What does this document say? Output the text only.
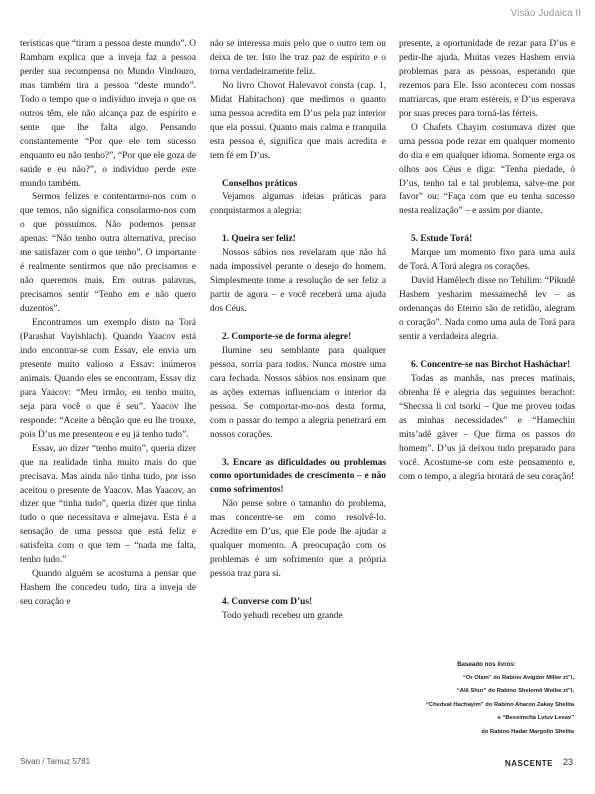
Visão Judaica II

terísticas que “tiram a pessoa deste mundo”. O Rambam explica que a inveja faz a pessoa perder sua recompensa no Mundo Vindouro, mas também tira a pessoa “deste mundo”. Todo o tempo que o indivíduo inveja o que os outros têm, ele não alcança paz de espírito e sente que lhe falta algo. Pensando constantemente “Por que ele tem sucesso enquanto eu não tenho?”, “Por que ele goza de saúde e eu não?”, o indivíduo perde este mundo também.

Sermos felizes e contentarmo-nos com o que temos, não significa consolarmo-nos com o que possuímos. Não podemos pensar apenas: “Não tenho outra alternativa, preciso me satisfazer com o que tenho”. O importante é realmente sentirmos que não precisamos e não queremos mais. Em outras palavras, precisamos sentir “Tenho em e não quero duzentos”.

Encontramos um exemplo disto na Torá (Parashat Vayishlach). Quando Yaacov está indo encontrar-se com Essav, ele envia um presente muito valioso a Essav: inúmeros animais. Quando eles se encontram, Essav diz para Yaacov: “Meu irmão, eu tenho muito, seja para você o que é seu”. Yaacov lhe responde: “Aceite a bênção que eu lhe trouxe, pois D’us me presenteou e eu já tenho tudo”.

Essav, ao dizer “tenho muito”, queria dizer que na realidade tinha muito mais do que precisava. Mas ainda não tinha tudo, por isso aceitou o presente de Yaacov. Mas Yaacov, ao dizer que “tinha tudo”, queria dizer que tinha tudo o que necessitava e almejava. Esta é a sensação de uma pessoa que está feliz e satisfeita com o que tem – “nada me falta, tenho tudo.”

Quando alguém se acostuma a pensar que Hashem lhe concedeu tudo, tira a inveja de seu coração e

não se interessa mais pelo que o outro tem ou deixa de ter. Isto lhe traz paz de espírito e o torna verdadeiramente feliz.

No livro Chovot Halevavot consta (cap. 1, Midat Habitachon) que medimos o quanto uma pessoa acredita em D’us pela paz interior que ela possui. Quanto mais calma e tranquila esta pessoa é, significa que mais acredita e tem fé em D’us.

Conselhos práticos

Vejamos algumas ideias práticas para conquistarmos a alegria:

1. Queira ser feliz!

Nossos sábios nos revelaram que não há nada impossível perante o desejo do homem. Simplesmente tome a resolução de ser feliz a partir de agora – e você receberá uma ajuda dos Céus.

2. Comporte-se de forma alegre!

Ilumine seu semblante para qualquer pessoa, sorria para todos. Nunca mostre uma cara fechada. Nossos sábios nos ensinam que as ações externas influenciam o interior da pessoa. Se comportar-mo-nos desta forma, com o passar do tempo a alegria penetrará em nossos corações.

3. Encare as dificuldades ou problemas como oportunidades de crescimento – e não como sofrimentos!

Não pense sobre o tamanho do problema, mas concentre-se em como resolvê-lo. Acredite em D’us, que Ele pode lhe ajudar a qualquer momento. A preocupação com os problemas é um sofrimento que a própria pessoa traz para si.

4. Converse com D’us!

Todo yehudi recebeu um grande

presente, a oportunidade de rezar para D’us e pedir-lhe ajuda. Muitas vezes Hashem envia problemas para as pessoas, esperando que rezemos para Ele. Isso aconteceu com nossas matriarcas, que eram estéreis, e D’us esperava por suas preces para torná-las férteis.

O Chafets Chayim costumava dizer que uma pessoa pode rezar em qualquer momento do dia e em qualquer idioma. Somente erga os olhos aos Céus e diga: “Tenha piedade, ó D’us, tenho tal e tal problema, salve-me por favor” ou: “Faça com que eu tenha sucesso nesta realização” – e assim por diante.

5. Estude Torá!

Marque um momento fixo para uma aula de Torá. A Torá alegra os corações.

David Hamêlech disse no Tehilim: “Pikudê Hashem yesharim messamechê lev – as ordenanças do Eterno são de retidão, alegram o coração”. Nada como uma aula de Torá para sentir a verdadeira alegria.

6. Concentre-se nas Birchot Hasháchar!

Todas as manhãs, nas preces matinais, obtenha fé e alegria das seguintes berachot: “Shecssa li col tsorki – Que me proveu todas as minhas necessidades” e “Hamechin mits’adê gáver – Que firma os passos do homem”. D’us já deixou tudo preparado para você. Acostume-se com este pensamento e, com o tempo, a alegria brotará de seu coração!

Baseado nos livros:
“Or Olam” do Rabino Avigdor Miller zt”l,
“Alê Shur” do Rabino Shelomô Wolbe zt”l,
“Chedvat Hachayim” do Rabino Aharon Zakay Shelita
e “Bessimchá Lvtuv Levav”
do Rabino Hadar Margolin Shelita
Sivan / Tamuz 5781	NASCENTE 23
